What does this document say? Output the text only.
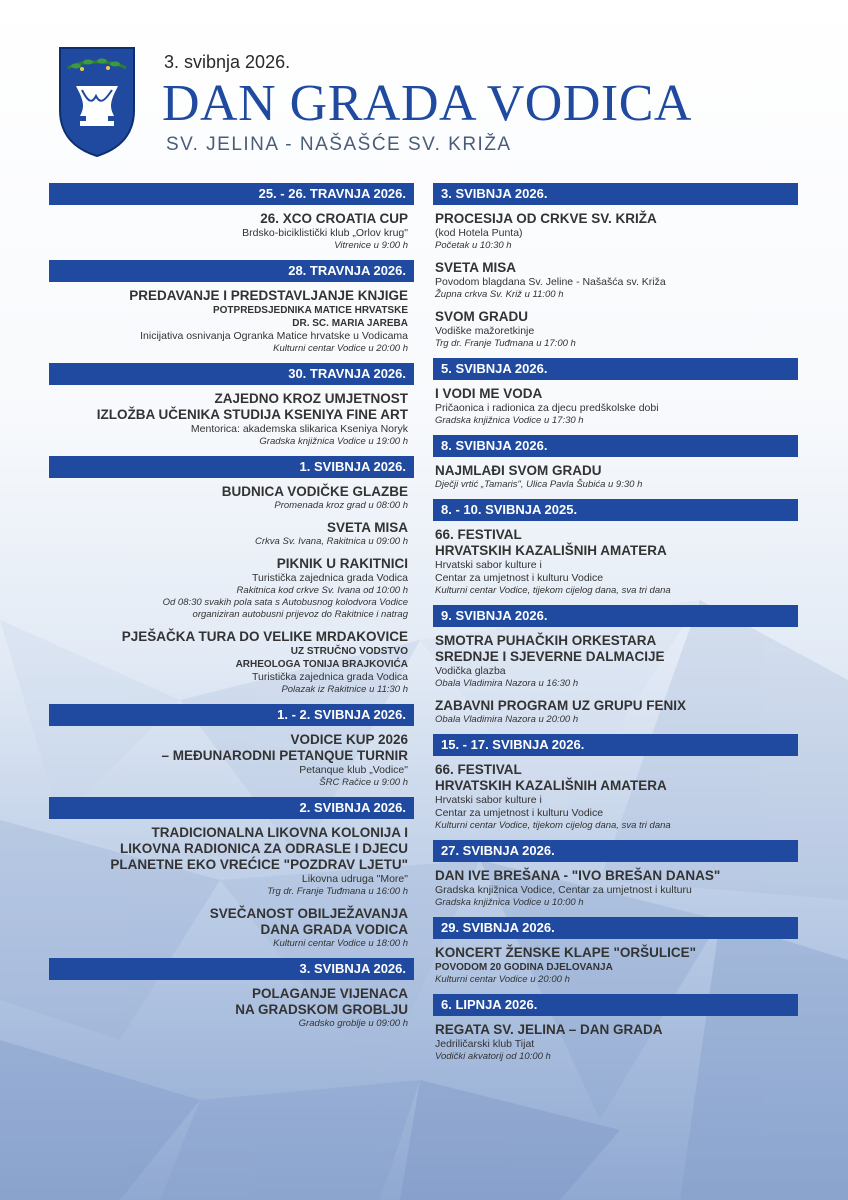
3. svibnja 2026.
DAN GRADA VODICA
SV. JELINA - NAŠAŠĆE SV. KRIŽA
25. - 26. TRAVNJA 2026.
26. XCO CROATIA CUP
Brdsko-biciklistički klub „Orlov krug"
Vitrenice u 9:00 h
28. TRAVNJA 2026.
PREDAVANJE I PREDSTAVLJANJE KNJIGE
POTPREDSJEDNIKA MATICE HRVATSKE
DR. SC. MARIA JAREBA
Inicijativa osnivanja Ogranka Matice hrvatske u Vodicama
Kulturni centar Vodice u 20:00 h
30. TRAVNJA 2026.
ZAJEDNO KROZ UMJETNOST
IZLOŽBA UČENIKA STUDIJA KSENIYA FINE ART
Mentorica: akademska slikarica Kseniya Noryk
Gradska knjižnica Vodice u 19:00 h
1. SVIBNJA 2026.
BUDNICA VODIČKE GLAZBE
Promenada kroz grad u 08:00 h
SVETA MISA
Crkva Sv. Ivana, Rakitnica u 09:00 h
PIKNIK U RAKITNICI
Turistička zajednica grada Vodica
Rakitnica kod crkve Sv. Ivana od 10:00 h
Od 08:30 svakih pola sata s Autobusnog kolodvora Vodice
organiziran autobusni prijevoz do Rakitnice i natrag
PJEŠAČKA TURA DO VELIKE MRDAKOVICE
UZ STRUČNO VODSTVO
ARHEOLOGA TONIJA BRAJKOVIĆA
Turistička zajednica grada Vodica
Polazak iz Rakitnice u 11:30 h
1. - 2. SVIBNJA 2026.
VODICE KUP 2026
– MEĐUNARODNI PETANQUE TURNIR
Petanque klub „Vodice"
ŠRC Račice u 9:00 h
2. SVIBNJA 2026.
TRADICIONALNA LIKOVNA KOLONIJA I
LIKOVNA RADIONICA ZA ODRASLE I DJECU
PLANETNE EKO VREĆICE "POZDRAV LJETU"
Likovna udruga "More"
Trg dr. Franje Tuđmana u 16:00 h
SVEČANOST OBILJEŽAVANJA
DANA GRADA VODICA
Kulturni centar Vodice u 18:00 h
3. SVIBNJA 2026.
POLAGANJE VIJENACA
NA GRADSKOM GROBLJU
Gradsko groblje u 09:00 h
3. SVIBNJA 2026.
PROCESIJA OD CRKVE SV. KRIŽA
(kod Hotela Punta)
Početak u 10:30 h
SVETA MISA
Povodom blagdana Sv. Jeline - Našašća sv. Križa
Župna crkva Sv. Križ u 11:00 h
SVOM GRADU
Vodiške mažoretkinje
Trg dr. Franje Tuđmana u 17:00 h
5. SVIBNJA 2026.
I VODI ME VODA
Pričaonica i radionica za djecu predškolske dobi
Gradska knjižnica Vodice u 17:30 h
8. SVIBNJA 2026.
NAJMLAĐI SVOM GRADU
Dječji vrtić „Tamaris", Ulica Pavla Šubića u 9:30 h
8. - 10. SVIBNJA 2025.
66. FESTIVAL
HRVATSKIH KAZALIŠNIH AMATERA
Hrvatski sabor kulture i
Centar za umjetnost i kulturu Vodice
Kulturni centar Vodice, tijekom cijelog dana, sva tri dana
9. SVIBNJA 2026.
SMOTRA PUHAČKIH ORKESTARA
SREDNJE I SJEVERNE DALMACIJE
Vodička glazba
Obala Vladimira Nazora u 16:30 h
ZABAVNI PROGRAM UZ GRUPU FENIX
Obala Vladimira Nazora u 20:00 h
15. - 17. SVIBNJA 2026.
66. FESTIVAL
HRVATSKIH KAZALIŠNIH AMATERA
Hrvatski sabor kulture i
Centar za umjetnost i kulturu Vodice
Kulturni centar Vodice, tijekom cijelog dana, sva tri dana
27. SVIBNJA 2026.
DAN IVE BREŠANA - "IVO BREŠAN DANAS"
Gradska knjižnica Vodice, Centar za umjetnost i kulturu
Gradska knjižnica Vodice u 10:00 h
29. SVIBNJA 2026.
KONCERT ŽENSKE KLAPE "ORŠULICE"
POVODOM 20 GODINA DJELOVANJA
Kulturni centar Vodice u 20:00 h
6. LIPNJA 2026.
REGATA SV. JELINA – DAN GRADA
Jedriličarski klub Tijat
Vodički akvatorij od 10:00 h
